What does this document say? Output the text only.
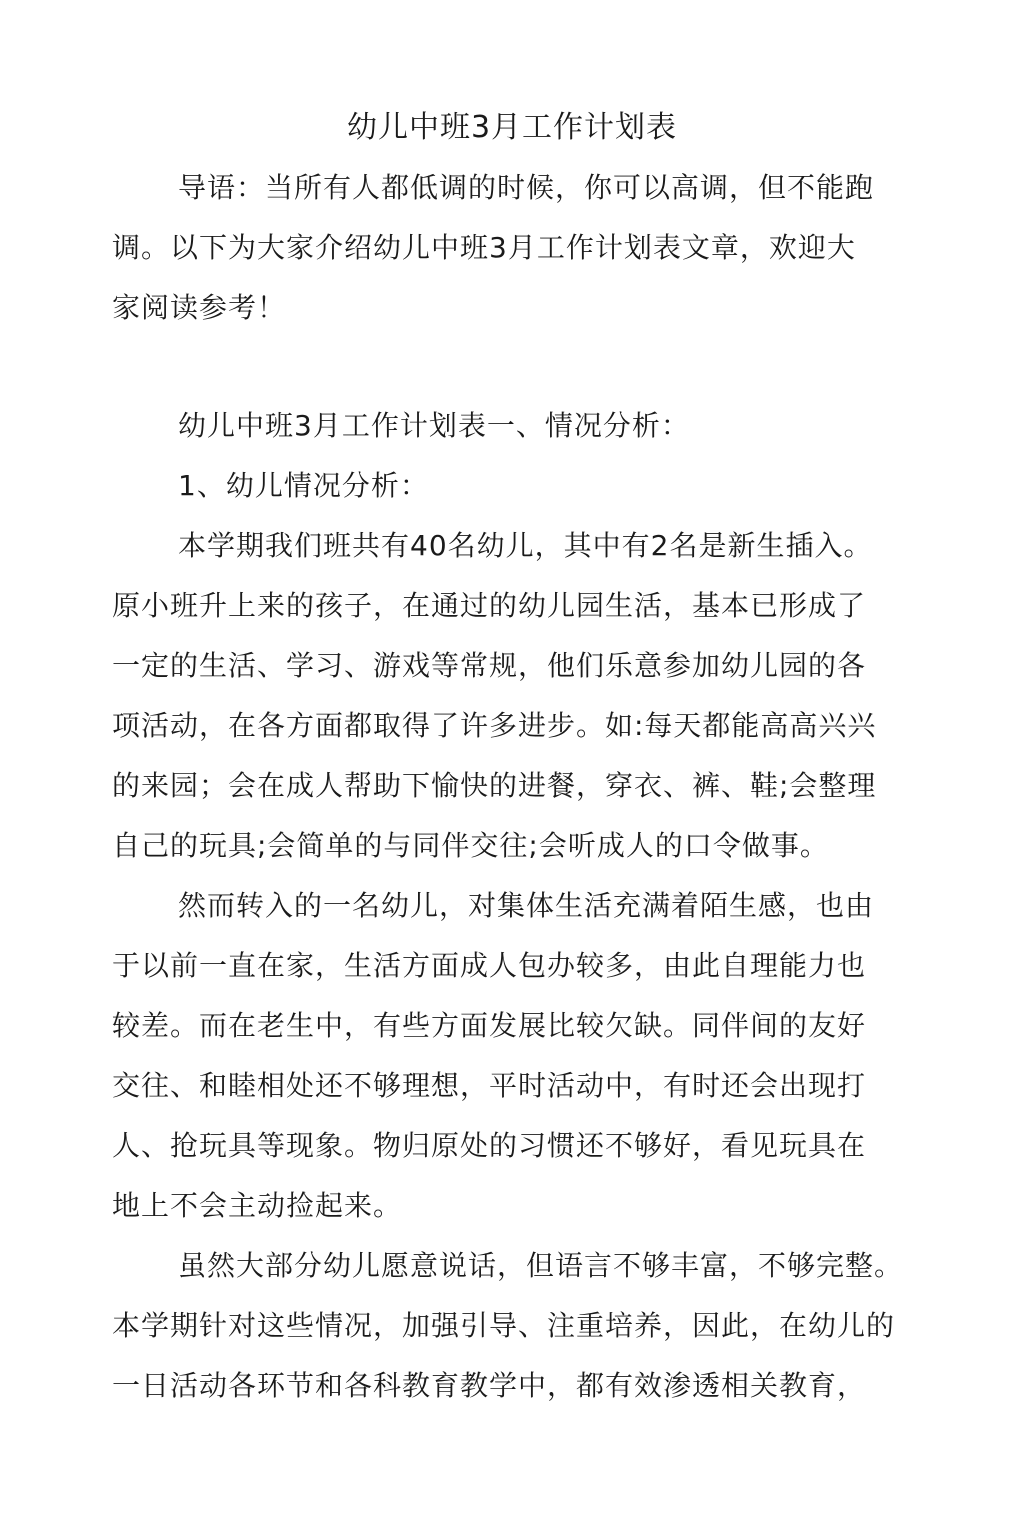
幼儿中班3月工作计划表
导语：当所有人都低调的时候，你可以高调，但不能跑
调。以下为大家介绍幼儿中班3月工作计划表文章，欢迎大
家阅读参考！
幼儿中班3月工作计划表一、情况分析：
1、幼儿情况分析：
本学期我们班共有40名幼儿，其中有2名是新生插入。
原小班升上来的孩子，在通过的幼儿园生活，基本已形成了
一定的生活、学习、游戏等常规，他们乐意参加幼儿园的各
项活动，在各方面都取得了许多进步。如:每天都能高高兴兴
的来园；会在成人帮助下愉快的进餐，穿衣、裤、鞋;会整理
自己的玩具;会简单的与同伴交往;会听成人的口令做事。
然而转入的一名幼儿，对集体生活充满着陌生感，也由
于以前一直在家，生活方面成人包办较多，由此自理能力也
较差。而在老生中，有些方面发展比较欠缺。同伴间的友好
交往、和睦相处还不够理想，平时活动中，有时还会出现打
人、抢玩具等现象。物归原处的习惯还不够好，看见玩具在
地上不会主动捡起来。
虽然大部分幼儿愿意说话，但语言不够丰富，不够完整。
本学期针对这些情况，加强引导、注重培养，因此，在幼儿的
一日活动各环节和各科教育教学中，都有效渗透相关教育，
